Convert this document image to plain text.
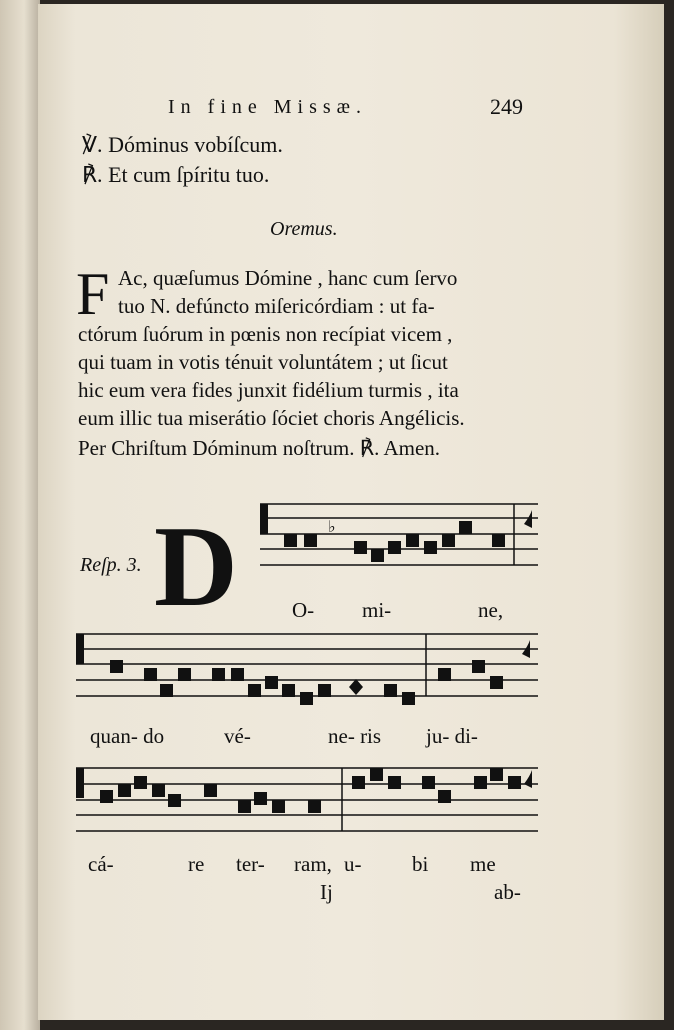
In fine Missæ.	249
℣. Dóminus vobíſcum.
℟. Et cum ſpíritu tuo.
Oremus.
F Ac, quæſumus Dómine , hanc cum ſervo
tuo N. defúncto miſericórdiam : ut fa-
ctórum ſuórum in pœnis non recípiat vicem ,
qui tuam in votis ténuit voluntátem ; ut ſicut
hic eum vera fides junxit fidélium turmis , ita
eum illic tua miserátio ſóciet choris Angélicis.
Per Chriſtum Dóminum noſtrum. ℟. Amen.
Reſp. 3. D	♭
O- mi-	ne,
quan- do	vé-	ne- ris ju- di-
cá-	re ter- ram, u- bi me
Ij	ab-
